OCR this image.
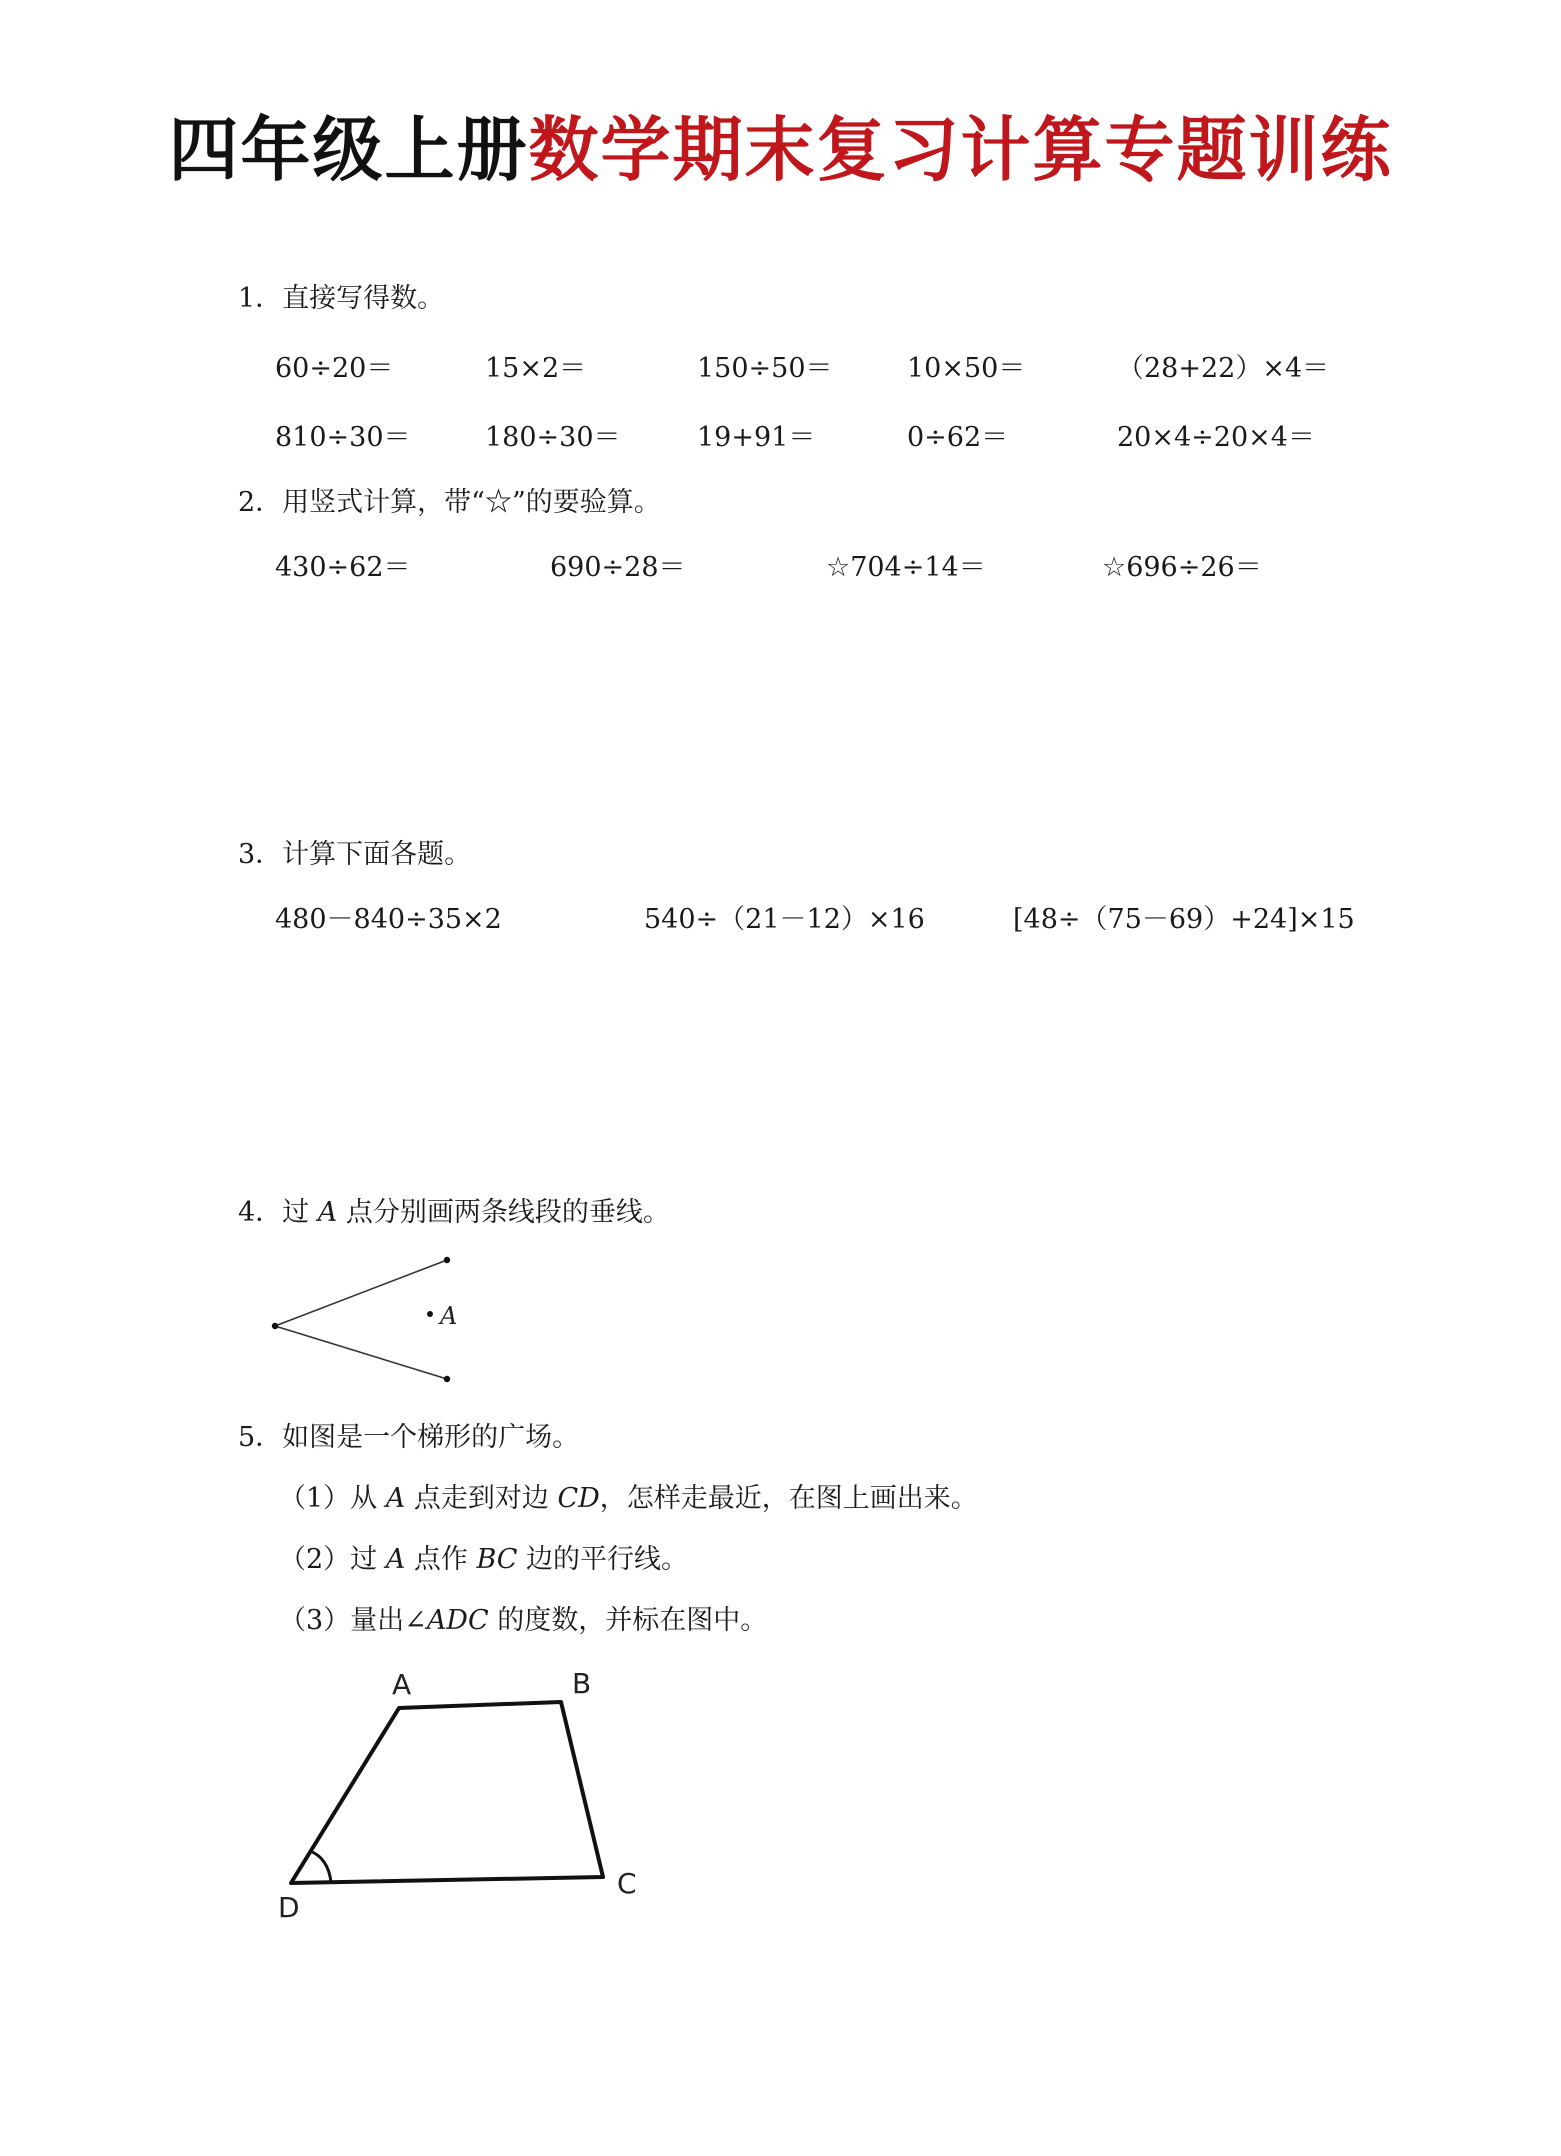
四年级上册数学期末复习计算专题训练
1．直接写得数。
60÷20＝	15×2＝	150÷50＝	10×50＝	（28+22）×4＝
810÷30＝	180÷30＝	19+91＝	0÷62＝	20×4÷20×4＝
2．用竖式计算，带“☆”的要验算。
430÷62＝	690÷28＝	☆704÷14＝	☆696÷26＝
3．计算下面各题。
480－840÷35×2	540÷（21－12）×16	[48÷（75－69）+24]×15
4．过 A 点分别画两条线段的垂线。
A
A	B
C
D
5．如图是一个梯形的广场。
（1）从 A 点走到对边 CD，怎样走最近，在图上画出来。
（2）过 A 点作 BC 边的平行线。
（3）量出∠ADC 的度数，并标在图中。
